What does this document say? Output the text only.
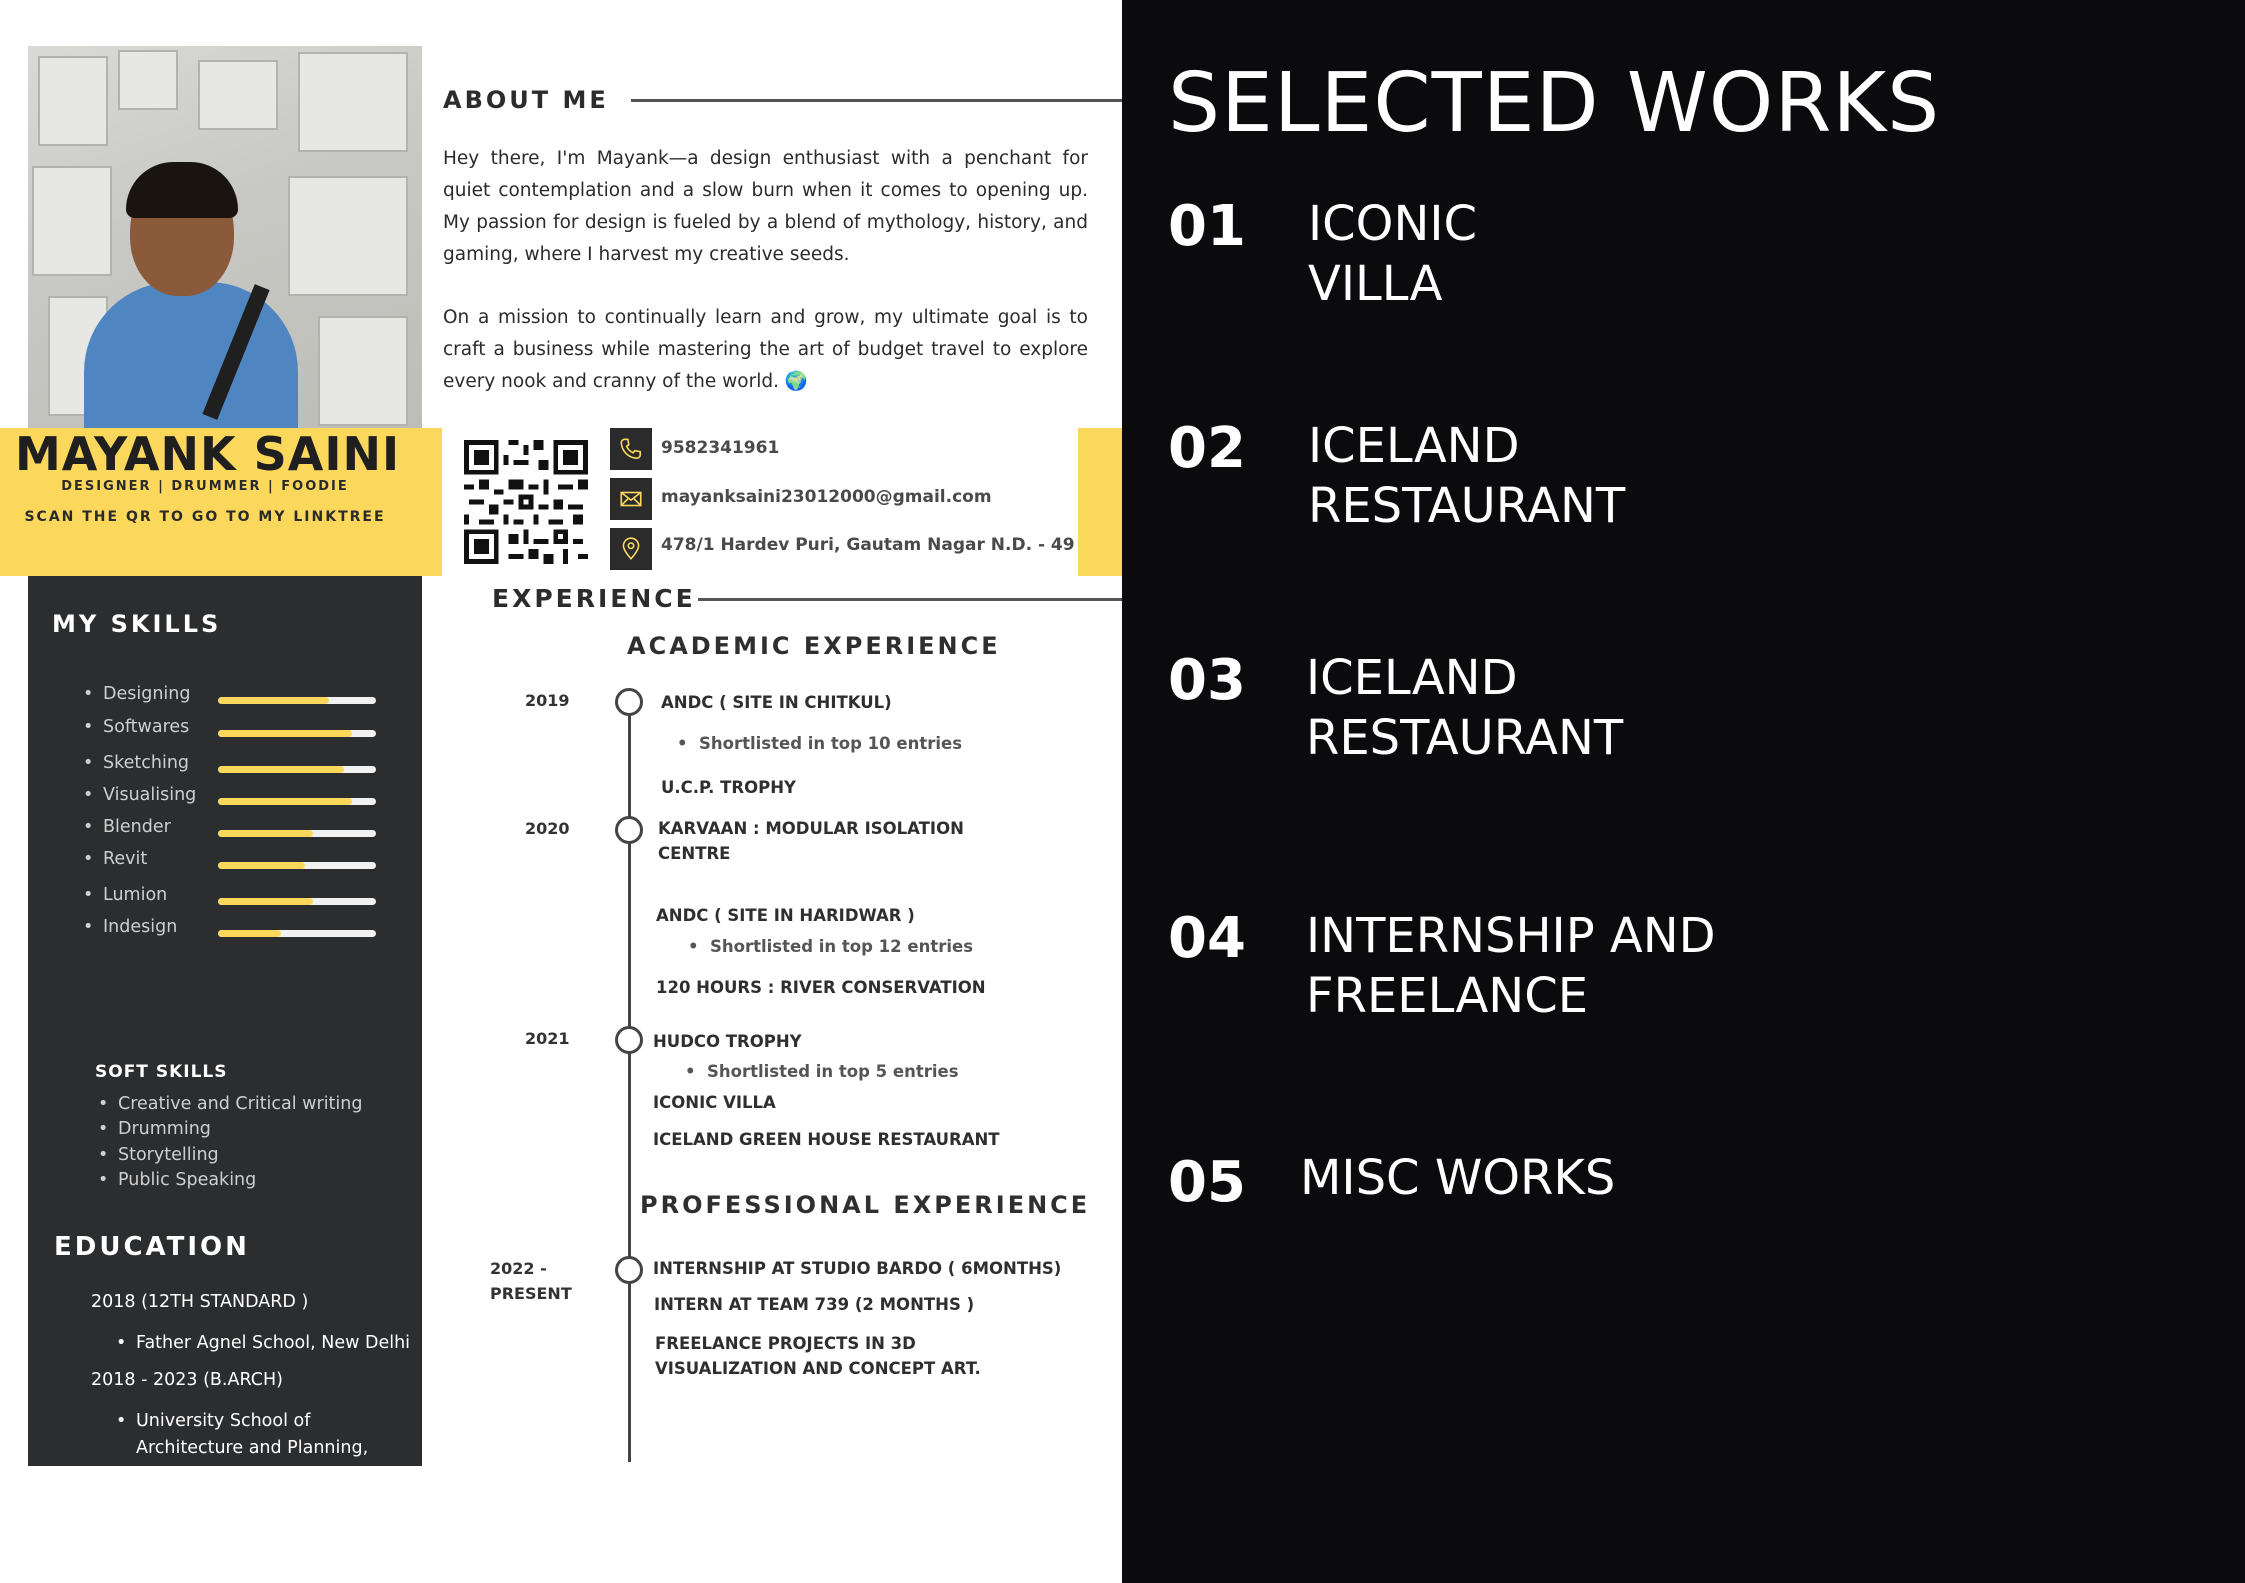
ABOUT ME

Hey there, I'm Mayank—a design enthusiast with a penchant for quiet contemplation and a slow burn when it comes to opening up. My passion for design is fueled by a blend of mythology, history, and gaming, where I harvest my creative seeds.

On a mission to continually learn and grow, my ultimate goal is to craft a business while mastering the art of budget travel to explore every nook and cranny of the world. 🌍

MAYANK SAINI
DESIGNER | DRUMMER | FOODIE
SCAN THE QR TO GO TO MY LINKTREE
9582341961
mayanksaini23012000@gmail.com
478/1 Hardev Puri, Gautam Nagar N.D. - 49
MY SKILLS
• Designing
• Softwares
• Sketching
• Visualising
• Blender
• Revit
• Lumion
• Indesign
SOFT SKILLS
• Creative and Critical writing
• Drumming
• Storytelling
• Public Speaking
EDUCATION
2018 (12TH STANDARD )
• Father Agnel School, New Delhi
2018 - 2023 (B.ARCH)
• University School of
Architecture and Planning,
EXPERIENCE
ACADEMIC EXPERIENCE
2019	ANDC ( SITE IN CHITKUL)
• Shortlisted in top 10 entries
U.C.P. TROPHY
2020	KARVAAN : MODULAR ISOLATION
CENTRE
ANDC ( SITE IN HARIDWAR )
• Shortlisted in top 12 entries
120 HOURS : RIVER CONSERVATION
2021	HUDCO TROPHY
• Shortlisted in top 5 entries
ICONIC VILLA
ICELAND GREEN HOUSE RESTAURANT
PROFESSIONAL EXPERIENCE
2022 -
PRESENT
INTERNSHIP AT STUDIO BARDO ( 6MONTHS)
INTERN AT TEAM 739 (2 MONTHS )
FREELANCE PROJECTS IN 3D
VISUALIZATION AND CONCEPT ART.
SELECTED WORKS
01 ICONIC
VILLA
02 ICELAND
RESTAURANT
03 ICELAND
RESTAURANT
04 INTERNSHIP AND
FREELANCE
05 MISC WORKS
